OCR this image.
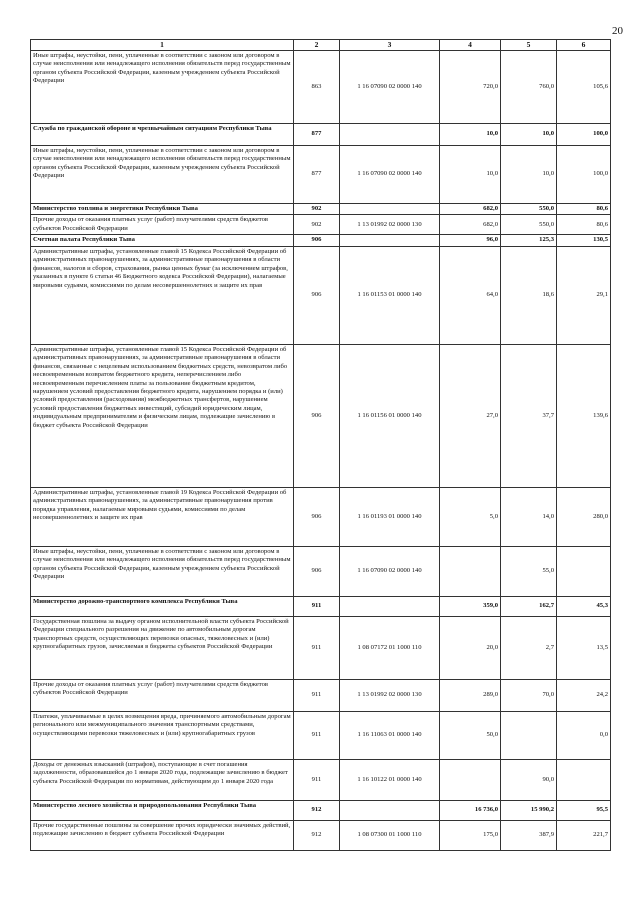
20
1	2	3	4	5	6
Иные штрафы, неустойки, пени, уплаченные в соответствии с законом или договором в случае неисполнения или ненадлежащего исполнения обязательств перед государственным органом субъекта Российской Федерации, казенным учреждением субъекта Российской Федерации	863	1 16 07090 02 0000 140	720,0	760,0	105,6
Служба по гражданской обороне и чрезвычайным ситуациям Республики Тыва	877		10,0	10,0	100,0
Иные штрафы, неустойки, пени, уплаченные в соответствии с законом или договором в случае неисполнения или ненадлежащего исполнения обязательств перед государственным органом субъекта Российской Федерации, казенным учреждением субъекта Российской Федерации	877	1 16 07090 02 0000 140	10,0	10,0	100,0
Министерство топлива и энергетики Республики Тыва	902		682,0	550,0	80,6
Прочие доходы от оказания платных услуг (работ) получателями средств бюджетов субъектов Российской Федерации	902	1 13 01992 02 0000 130	682,0	550,0	80,6
Счетная палата Республики Тыва	906		96,0	125,3	130,5
Административные штрафы, установленные главой 15 Кодекса Российской Федерации об административных правонарушениях, за административные правонарушения в области финансов, налогов и сборов, страхования, рынка ценных бумаг (за исключением штрафов, указанных в пункте 6 статьи 46 Бюджетного кодекса Российской Федерации), налагаемые мировыми судьями, комиссиями по делам несовершеннолетних и защите их прав	906	1 16 01153 01 0000 140	64,0	18,6	29,1
Административные штрафы, установленные главой 15 Кодекса Российской Федерации об административных правонарушениях, за административные правонарушения в области финансов, связанные с нецелевым использованием бюджетных средств, невозвратом либо несвоевременным возвратом бюджетного кредита, неперечислением либо несвоевременным перечислением платы за пользование бюджетным кредитом, нарушением условий предоставления бюджетного кредита, нарушением порядка и (или) условий предоставления (расходования) межбюджетных трансфертов, нарушением условий предоставления бюджетных инвестиций, субсидий юридическим лицам, индивидуальным предпринимателям и физическим лицам, подлежащие зачислению в бюджет субъекта Российской Федерации	906	1 16 01156 01 0000 140	27,0	37,7	139,6
Административные штрафы, установленные главой 19 Кодекса Российской Федерации об административных правонарушениях, за административные правонарушения против порядка управления, налагаемые мировыми судьями, комиссиями по делам несовершеннолетних и защите их прав	906	1 16 01193 01 0000 140	5,0	14,0	280,0
Иные штрафы, неустойки, пени, уплаченные в соответствии с законом или договором в случае неисполнения или ненадлежащего исполнения обязательств перед государственным органом субъекта Российской Федерации, казенным учреждением субъекта Российской Федерации	906	1 16 07090 02 0000 140		55,0	
Министерство дорожно-транспортного комплекса Республики Тыва	911		359,0	162,7	45,3
Государственная пошлина за выдачу органом исполнительной власти субъекта Российской Федерации специального разрешения на движение по автомобильным дорогам транспортных средств, осуществляющих перевозки опасных, тяжеловесных и (или) крупногабаритных грузов, зачисляемая в бюджеты субъектов Российской Федерации	911	1 08 07172 01 1000 110	20,0	2,7	13,5
Прочие доходы от оказания платных услуг (работ) получателями средств бюджетов субъектов Российской Федерации	911	1 13 01992 02 0000 130	289,0	70,0	24,2
Платежи, уплачиваемые в целях возмещения вреда, причиняемого автомобильным дорогам регионального или межмуниципального значения транспортными средствами, осуществляющими перевозки тяжеловесных и (или) крупногабаритных грузов	911	1 16 11063 01 0000 140	50,0		0,0
Доходы от денежных взысканий (штрафов), поступающие в счет погашения задолженности, образовавшейся до 1 января 2020 года, подлежащие зачислению в бюджет субъекта Российской Федерации по нормативам, действующим до 1 января 2020 года	911	1 16 10122 01 0000 140		90,0	
Министерство лесного хозяйства и природопользования Республики Тыва	912		16 736,0	15 990,2	95,5
Прочие государственные пошлины за совершение прочих юридически значимых действий, подлежащие зачислению в бюджет субъекта Российской Федерации	912	1 08 07300 01 1000 110	175,0	387,9	221,7
